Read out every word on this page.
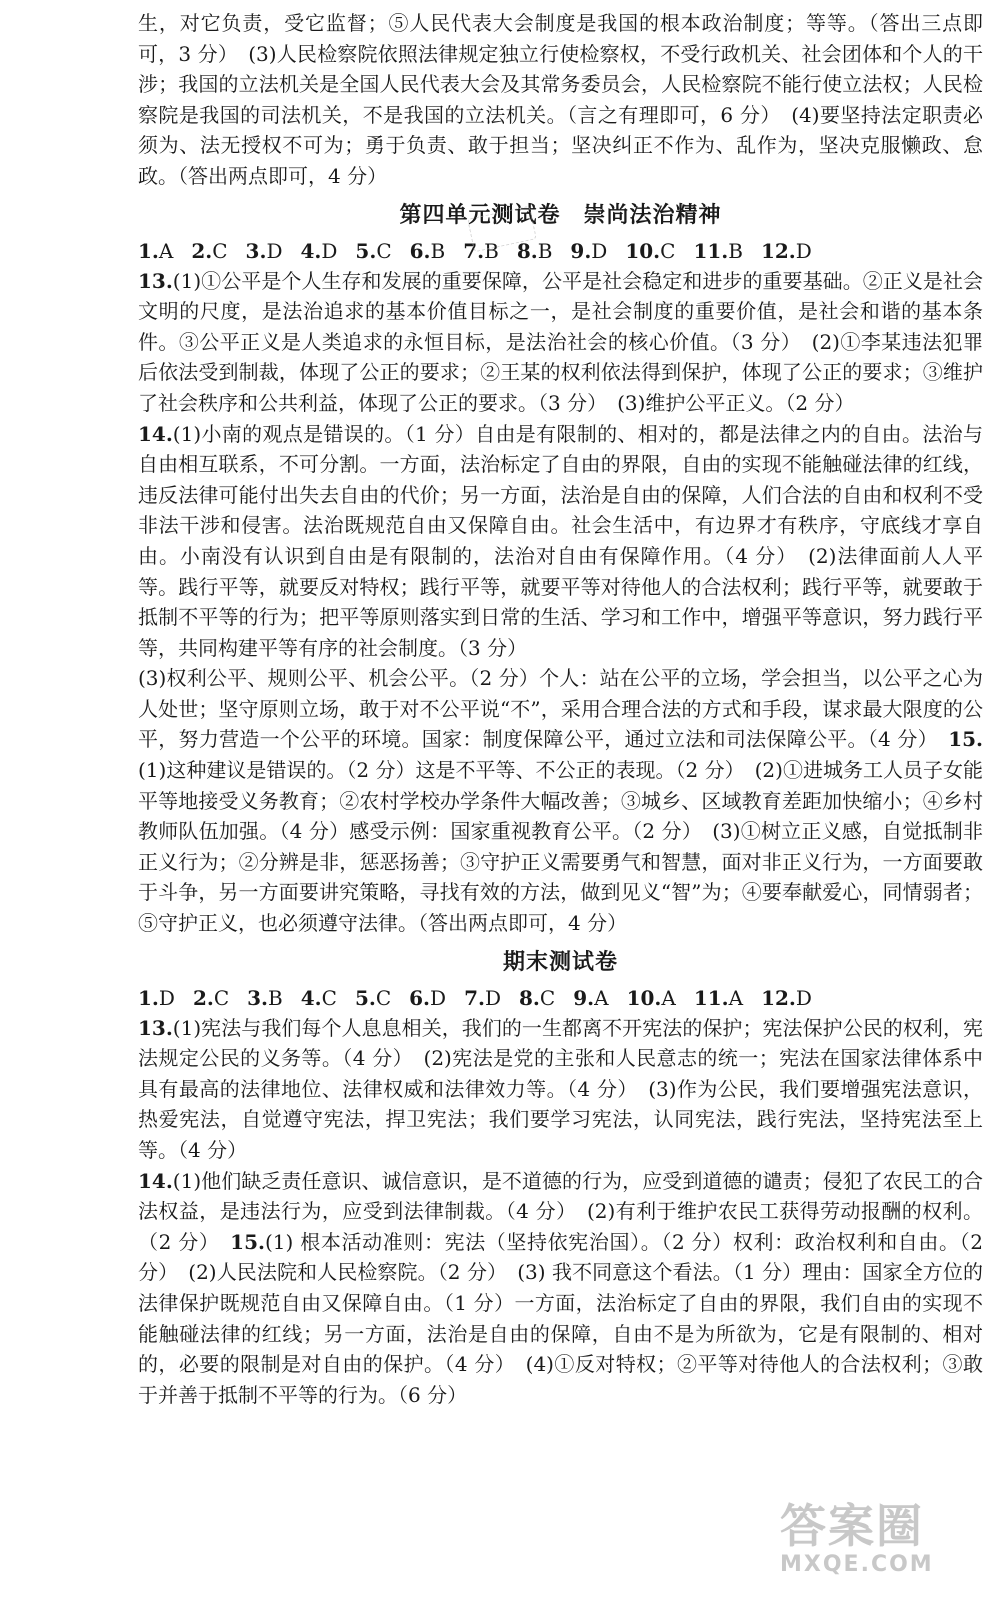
生，对它负责，受它监督；⑤人民代表大会制度是我国的根本政治制度；等等。（答出三点即可，3 分）　(3)人民检察院依照法律规定独立行使检察权，不受行政机关、社会团体和个人的干涉；我国的立法机关是全国人民代表大会及其常务委员会，人民检察院不能行使立法权；人民检察院是我国的司法机关，不是我国的立法机关。（言之有理即可，6 分）　(4)要坚持法定职责必须为、法无授权不可为；勇于负责、敢于担当；坚决纠正不作为、乱作为，坚决克服懒政、怠政。（答出两点即可，4 分）

第四单元测试卷　崇尚法治精神

1.A 2.C 3.D 4.D 5.C 6.B 7.B 8.B 9.D 10.C 11.B 12.D

13.(1)①公平是个人生存和发展的重要保障，公平是社会稳定和进步的重要基础。②正义是社会文明的尺度，是法治追求的基本价值目标之一，是社会制度的重要价值，是社会和谐的基本条件。③公平正义是人类追求的永恒目标，是法治社会的核心价值。（3 分）　(2)①李某违法犯罪后依法受到制裁，体现了公正的要求；②王某的权利依法得到保护，体现了公正的要求；③维护了社会秩序和公共利益，体现了公正的要求。（3 分）　(3)维护公平正义。（2 分）

14.(1)小南的观点是错误的。（1 分）自由是有限制的、相对的，都是法律之内的自由。法治与自由相互联系，不可分割。一方面，法治标定了自由的界限，自由的实现不能触碰法律的红线，违反法律可能付出失去自由的代价；另一方面，法治是自由的保障，人们合法的自由和权利不受非法干涉和侵害。法治既规范自由又保障自由。社会生活中，有边界才有秩序，守底线才享自由。小南没有认识到自由是有限制的，法治对自由有保障作用。（4 分）　(2)法律面前人人平等。践行平等，就要反对特权；践行平等，就要平等对待他人的合法权利；践行平等，就要敢于抵制不平等的行为；把平等原则落实到日常的生活、学习和工作中，增强平等意识，努力践行平等，共同构建平等有序的社会制度。（3 分）

(3)权利公平、规则公平、机会公平。（2 分）个人：站在公平的立场，学会担当，以公平之心为人处世；坚守原则立场，敢于对不公平说“不”，采用合理合法的方式和手段，谋求最大限度的公平，努力营造一个公平的环境。国家：制度保障公平，通过立法和司法保障公平。（4 分）　 15.(1)这种建议是错误的。（2 分）这是不平等、不公正的表现。（2 分）　(2)①进城务工人员子女能平等地接受义务教育；②农村学校办学条件大幅改善；③城乡、区域教育差距加快缩小；④乡村教师队伍加强。（4 分）感受示例：国家重视教育公平。（2 分）　(3)①树立正义感，自觉抵制非正义行为；②分辨是非，惩恶扬善；③守护正义需要勇气和智慧，面对非正义行为，一方面要敢于斗争，另一方面要讲究策略，寻找有效的方法，做到见义“智”为；④要奉献爱心，同情弱者；⑤守护正义，也必须遵守法律。（答出两点即可，4 分）

期末测试卷

1.D 2.C 3.B 4.C 5.C 6.D 7.D 8.C 9.A 10.A 11.A 12.D

13.(1)宪法与我们每个人息息相关，我们的一生都离不开宪法的保护；宪法保护公民的权利，宪法规定公民的义务等。（4 分）　(2)宪法是党的主张和人民意志的统一；宪法在国家法律体系中具有最高的法律地位、法律权威和法律效力等。（4 分）　(3)作为公民，我们要增强宪法意识，热爱宪法，自觉遵守宪法，捍卫宪法；我们要学习宪法，认同宪法，践行宪法，坚持宪法至上等。（4 分）

14.(1)他们缺乏责任意识、诚信意识，是不道德的行为，应受到道德的谴责；侵犯了农民工的合法权益，是违法行为，应受到法律制裁。（4 分）　(2)有利于维护农民工获得劳动报酬的权利。（2 分）　15.(1) 根本活动准则：宪法（坚持依宪治国）。（2 分）权利：政治权利和自由。（2 分）　(2)人民法院和人民检察院。（2 分）　(3) 我不同意这个看法。（1 分）理由：国家全方位的法律保护既规范自由又保障自由。（1 分）一方面，法治标定了自由的界限，我们自由的实现不能触碰法律的红线；另一方面，法治是自由的保障，自由不是为所欲为，它是有限制的、相对的，必要的限制是对自由的保护。（4 分）　(4)①反对特权；②平等对待他人的合法权利；③敢于并善于抵制不平等的行为。（6 分）

答案圈
MXQE.COM
